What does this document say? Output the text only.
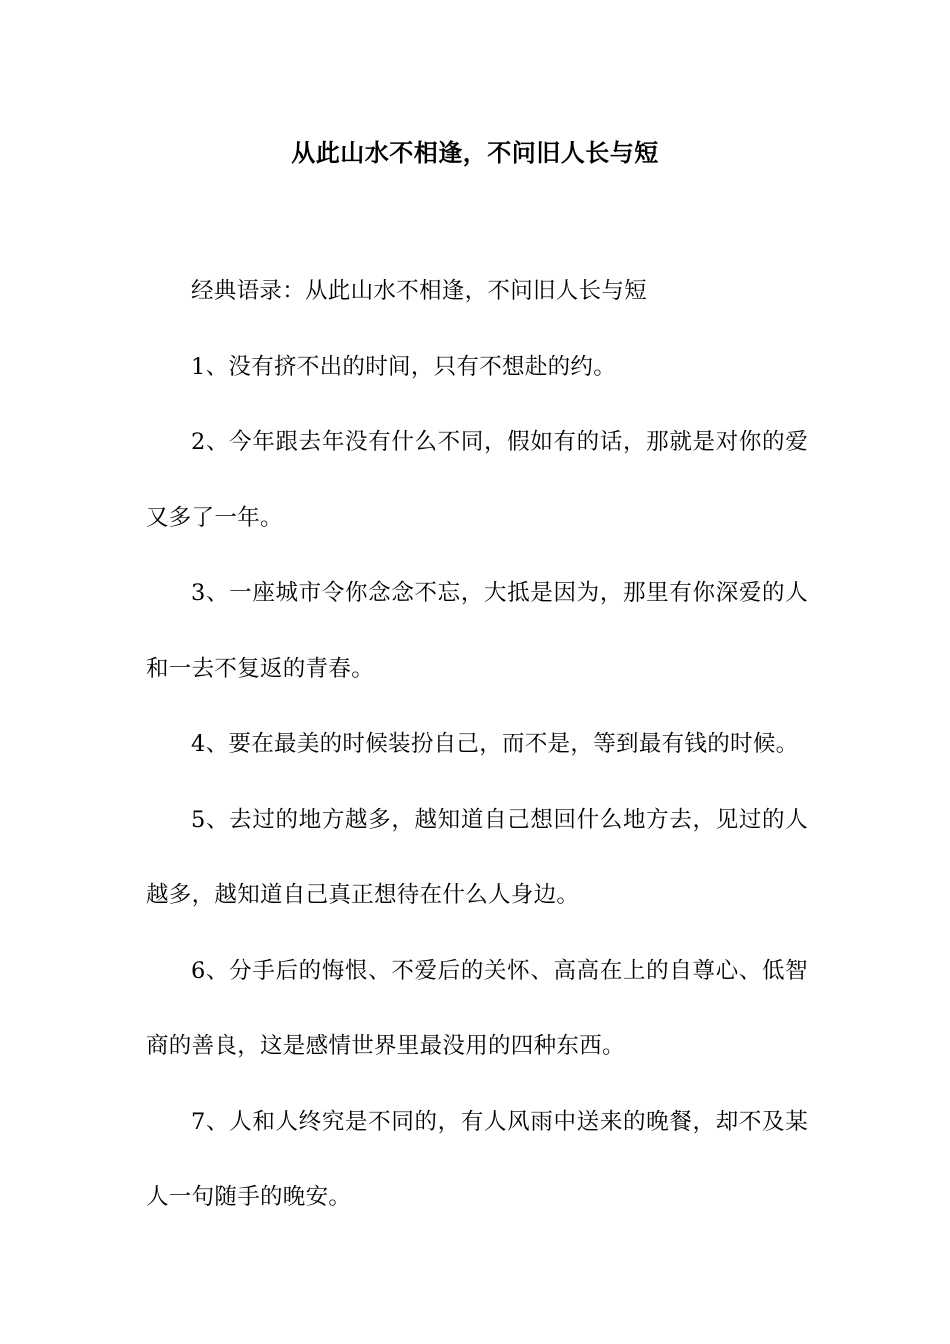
从此山水不相逢，不问旧人长与短

经典语录：从此山水不相逢，不问旧人长与短

1、没有挤不出的时间，只有不想赴的约。

2、今年跟去年没有什么不同，假如有的话，那就是对你的爱又多了一年。

3、一座城市令你念念不忘，大抵是因为，那里有你深爱的人和一去不复返的青春。

4、要在最美的时候装扮自己，而不是，等到最有钱的时候。

5、去过的地方越多，越知道自己想回什么地方去，见过的人越多，越知道自己真正想待在什么人身边。

6、分手后的悔恨、不爱后的关怀、高高在上的自尊心、低智商的善良，这是感情世界里最没用的四种东西。

7、人和人终究是不同的，有人风雨中送来的晚餐，却不及某人一句随手的晚安。
